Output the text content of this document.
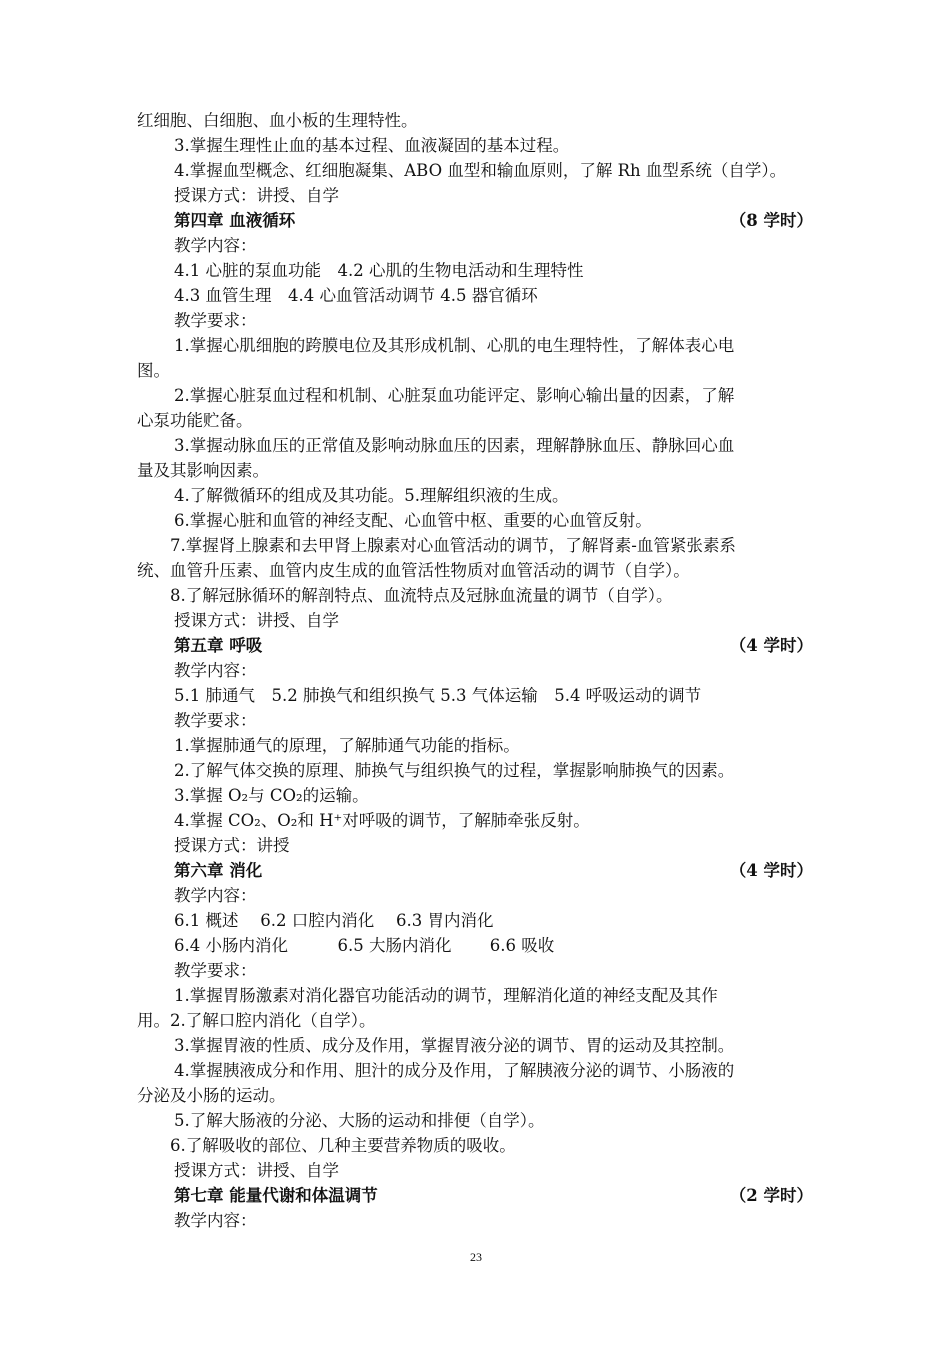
红细胞、白细胞、血小板的生理特性。
3.掌握生理性止血的基本过程、血液凝固的基本过程。
4.掌握血型概念、红细胞凝集、ABO 血型和输血原则，了解 Rh 血型系统（自学）。
授课方式：讲授、自学
第四章 血液循环	（8 学时）
教学内容：
4.1 心脏的泵血功能　4.2 心肌的生物电活动和生理特性
4.3 血管生理　4.4 心血管活动调节 4.5 器官循环
教学要求：
1.掌握心肌细胞的跨膜电位及其形成机制、心肌的电生理特性，了解体表心电
图。
2.掌握心脏泵血过程和机制、心脏泵血功能评定、影响心输出量的因素，了解
心泵功能贮备。
3.掌握动脉血压的正常值及影响动脉血压的因素，理解静脉血压、静脉回心血
量及其影响因素。
4.了解微循环的组成及其功能。5.理解组织液的生成。
6.掌握心脏和血管的神经支配、心血管中枢、重要的心血管反射。
7.掌握肾上腺素和去甲肾上腺素对心血管活动的调节，了解肾素-血管紧张素系
统、血管升压素、血管内皮生成的血管活性物质对血管活动的调节（自学）。
8.了解冠脉循环的解剖特点、血流特点及冠脉血流量的调节（自学）。
授课方式：讲授、自学
第五章 呼吸	（4 学时）
教学内容：
5.1 肺通气　5.2 肺换气和组织换气 5.3 气体运输　5.4 呼吸运动的调节
教学要求：
1.掌握肺通气的原理，了解肺通气功能的指标。
2.了解气体交换的原理、肺换气与组织换气的过程，掌握影响肺换气的因素。
3.掌握 O₂与 CO₂的运输。
4.掌握 CO₂、O₂和 H⁺对呼吸的调节，了解肺牵张反射。
授课方式：讲授
第六章 消化	（4 学时）
教学内容：
6.1 概述　 6.2 口腔内消化　 6.3 胃内消化
6.4 小肠内消化　　　6.5 大肠内消化　　 6.6 吸收
教学要求：
1.掌握胃肠激素对消化器官功能活动的调节，理解消化道的神经支配及其作
用。2.了解口腔内消化（自学）。
3.掌握胃液的性质、成分及作用，掌握胃液分泌的调节、胃的运动及其控制。
4.掌握胰液成分和作用、胆汁的成分及作用，了解胰液分泌的调节、小肠液的
分泌及小肠的运动。
5.了解大肠液的分泌、大肠的运动和排便（自学）。
6.了解吸收的部位、几种主要营养物质的吸收。
授课方式：讲授、自学
第七章 能量代谢和体温调节	（2 学时）
教学内容：
23
